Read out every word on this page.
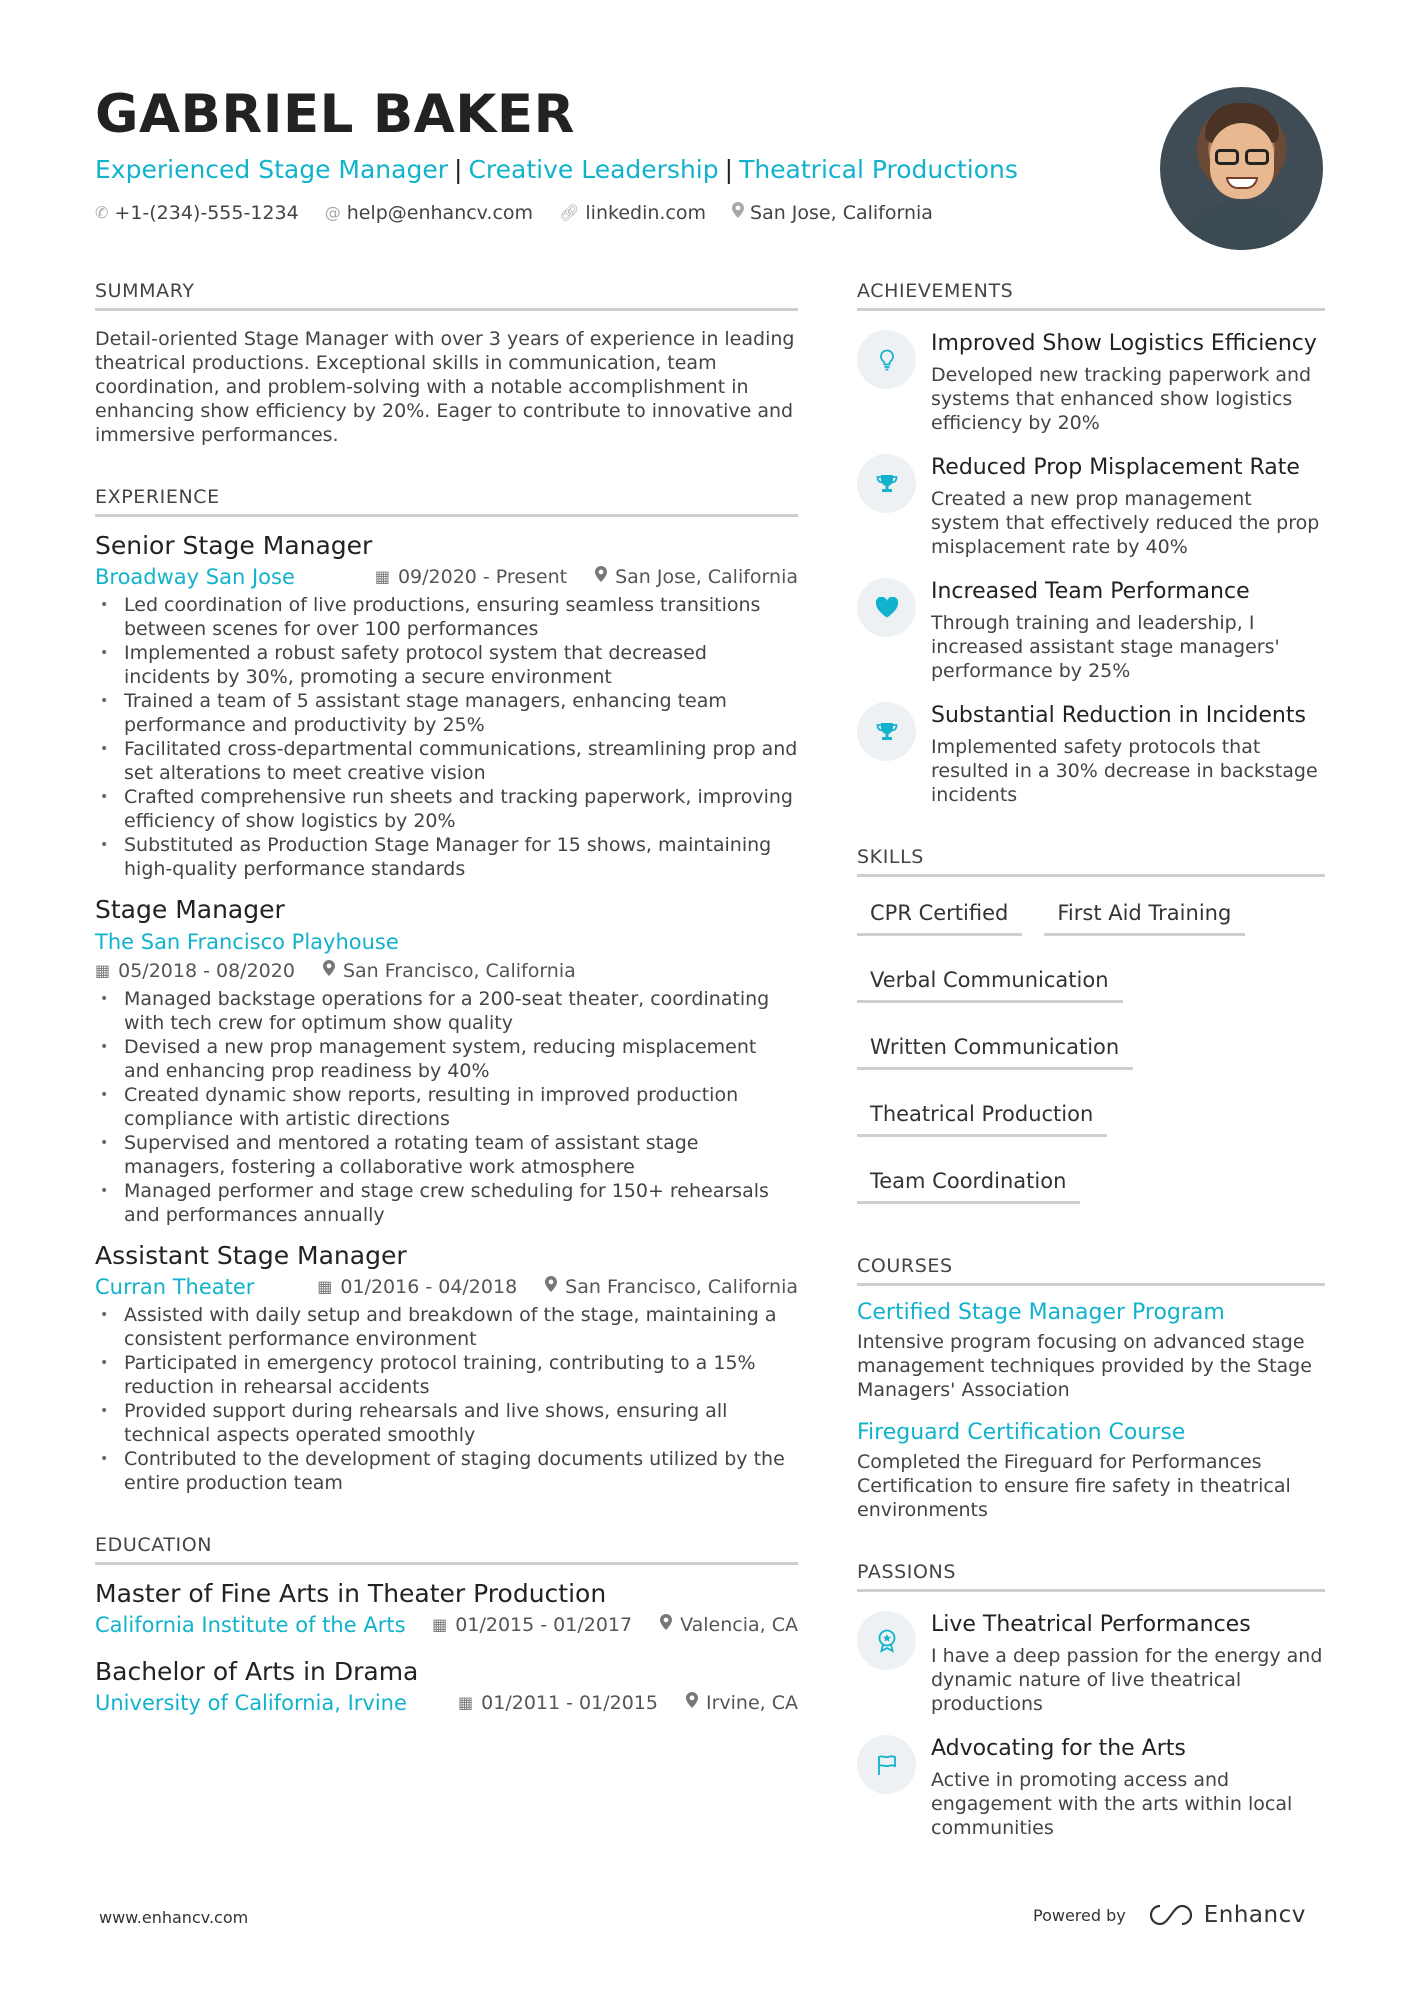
GABRIEL BAKER
Experienced Stage Manager | Creative Leadership | Theatrical Productions
✆ +1-(234)-555-1234 @ help@enhancv.com 🔗︎ linkedin.com San Jose, California
SUMMARY

Detail-oriented Stage Manager with over 3 years of experience in leading theatrical productions. Exceptional skills in communication, team coordination, and problem-solving with a notable accomplishment in enhancing show efficiency by 20%. Eager to contribute to innovative and immersive performances.

EXPERIENCE
Senior Stage Manager
Broadway San Jose	▦ 09/2020 - Present	San Jose, California
• Led coordination of live productions, ensuring seamless transitions between scenes for over 100 performances
• Implemented a robust safety protocol system that decreased incidents by 30%, promoting a secure environment
• Trained a team of 5 assistant stage managers, enhancing team performance and productivity by 25%
• Facilitated cross-departmental communications, streamlining prop and set alterations to meet creative vision
• Crafted comprehensive run sheets and tracking paperwork, improving efficiency of show logistics by 20%
• Substituted as Production Stage Manager for 15 shows, maintaining high-quality performance standards
Stage Manager
The San Francisco Playhouse
▦ 05/2018 - 08/2020	San Francisco, California
• Managed backstage operations for a 200-seat theater, coordinating with tech crew for optimum show quality
• Devised a new prop management system, reducing misplacement and enhancing prop readiness by 40%
• Created dynamic show reports, resulting in improved production compliance with artistic directions
• Supervised and mentored a rotating team of assistant stage managers, fostering a collaborative work atmosphere
• Managed performer and stage crew scheduling for 150+ rehearsals and performances annually
Assistant Stage Manager
Curran Theater	▦ 01/2016 - 04/2018	San Francisco, California
• Assisted with daily setup and breakdown of the stage, maintaining a consistent performance environment
• Participated in emergency protocol training, contributing to a 15% reduction in rehearsal accidents
• Provided support during rehearsals and live shows, ensuring all technical aspects operated smoothly
• Contributed to the development of staging documents utilized by the entire production team
EDUCATION
Master of Fine Arts in Theater Production
California Institute of the Arts ▦ 01/2015 - 01/2017	Valencia, CA
Bachelor of Arts in Drama
University of California, Irvine	▦ 01/2011 - 01/2015	Irvine, CA
ACHIEVEMENTS
Improved Show Logistics Efficiency
Developed new tracking paperwork and systems that enhanced show logistics efficiency by 20%
Reduced Prop Misplacement Rate
Created a new prop management system that effectively reduced the prop misplacement rate by 40%
Increased Team Performance
Through training and leadership, I increased assistant stage managers' performance by 25%
Substantial Reduction in Incidents
Implemented safety protocols that resulted in a 30% decrease in backstage incidents
SKILLS
CPR Certified	First Aid Training
Verbal Communication
Written Communication
Theatrical Production
Team Coordination
COURSES
Certified Stage Manager Program
Intensive program focusing on advanced stage management techniques provided by the Stage Managers' Association
Fireguard Certification Course
Completed the Fireguard for Performances Certification to ensure fire safety in theatrical environments
PASSIONS
Live Theatrical Performances
I have a deep passion for the energy and dynamic nature of live theatrical productions
Advocating for the Arts
Active in promoting access and engagement with the arts within local communities
www.enhancv.com	Powered by	Enhancv
